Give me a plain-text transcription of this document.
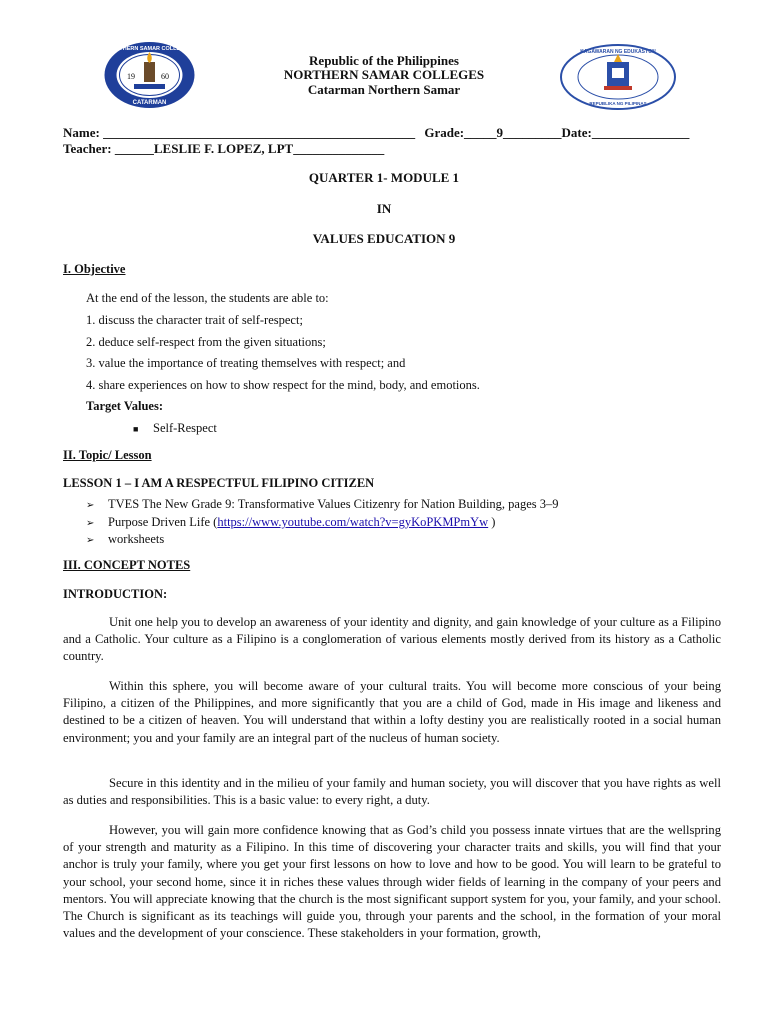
19	60
CATARMAN
NORTHERN SAMAR COLLEGES	KAGAWARAN NG EDUKASYON
REPUBLIKA NG PILIPINAS
Republic of the Philippines
NORTHERN SAMAR COLLEGES
Catarman Northern Samar
Name: ________________________________________________ Grade:_____9_________Date:_______________
Teacher: ______LESLIE F. LOPEZ, LPT______________
QUARTER 1- MODULE 1
IN
VALUES EDUCATION 9
I. Objective
At the end of the lesson, the students are able to:
1. discuss the character trait of self-respect;
2. deduce self-respect from the given situations;
3. value the importance of treating themselves with respect; and
4. share experiences on how to show respect for the mind, body, and emotions.
Target Values:
■ Self-Respect
II. Topic/ Lesson
LESSON 1 – I AM A RESPECTFUL FILIPINO CITIZEN
➢ TVES The New Grade 9: Transformative Values Citizenry for Nation Building, pages 3–9
➢ Purpose Driven Life (https://www.youtube.com/watch?v=gyKoPKMPmYw )
➢ worksheets
III. CONCEPT NOTES
INTRODUCTION:
Unit one help you to develop an awareness of your identity and dignity, and gain knowledge of your culture as a Filipino and a Catholic. Your culture as a Filipino is a conglomeration of various elements mostly derived from its history as a Catholic country.
Within this sphere, you will become aware of your cultural traits. You will become more conscious of your being Filipino, a citizen of the Philippines, and more significantly that you are a child of God, made in His image and likeness and destined to be a citizen of heaven. You will understand that within a lofty destiny you are realistically rooted in a social human environment; you and your family are an integral part of the nucleus of human society.
Secure in this identity and in the milieu of your family and human society, you will discover that you have rights as well as duties and responsibilities. This is a basic value: to every right, a duty.
However, you will gain more confidence knowing that as God’s child you possess innate virtues that are the wellspring of your strength and maturity as a Filipino. In this time of discovering your character traits and skills, you will find that your anchor is truly your family, where you get your first lessons on how to love and how to be good. You will learn to be grateful to your school, your second home, since it in riches these values through wider fields of learning in the company of your peers and mentors. You will appreciate knowing that the church is the most significant support system for you, your family, and your school. The Church is significant as its teachings will guide you, through your parents and the school, in the formation of your moral values and the development of your conscience. These stakeholders in your formation, growth,
